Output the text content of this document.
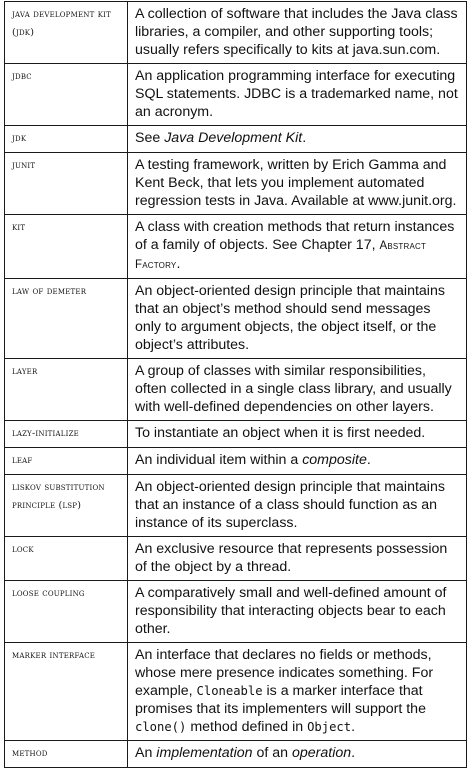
java development kit (jdk)	A collection of software that includes the Java class libraries, a compiler, and other supporting tools; usually refers specifically to kits at java.sun.com.
jdbc	An application programming interface for executing SQL statements. JDBC is a trademarked name, not an acronym.
jdk	See Java Development Kit.
junit	A testing framework, written by Erich Gamma and Kent Beck, that lets you implement automated regression tests in Java. Available at www.junit.org.
kit	A class with creation methods that return instances of a family of objects. See Chapter 17, Abstract Factory.
law of demeter	An object-oriented design principle that maintains that an object’s method should send messages only to argument objects, the object itself, or the object’s attributes.
layer	A group of classes with similar responsibilities, often collected in a single class library, and usually with well-defined dependencies on other layers.
lazy-initialize	To instantiate an object when it is first needed.
leaf	An individual item within a composite.
liskov substitution principle (lsp)	An object-oriented design principle that maintains that an instance of a class should function as an instance of its superclass.
lock	An exclusive resource that represents possession of the object by a thread.
loose coupling	A comparatively small and well-defined amount of responsibility that interacting objects bear to each other.
marker interface	An interface that declares no fields or methods, whose mere presence indicates something. For example, Cloneable is a marker interface that promises that its implementers will support the clone() method defined in Object.
method	An implementation of an operation.
